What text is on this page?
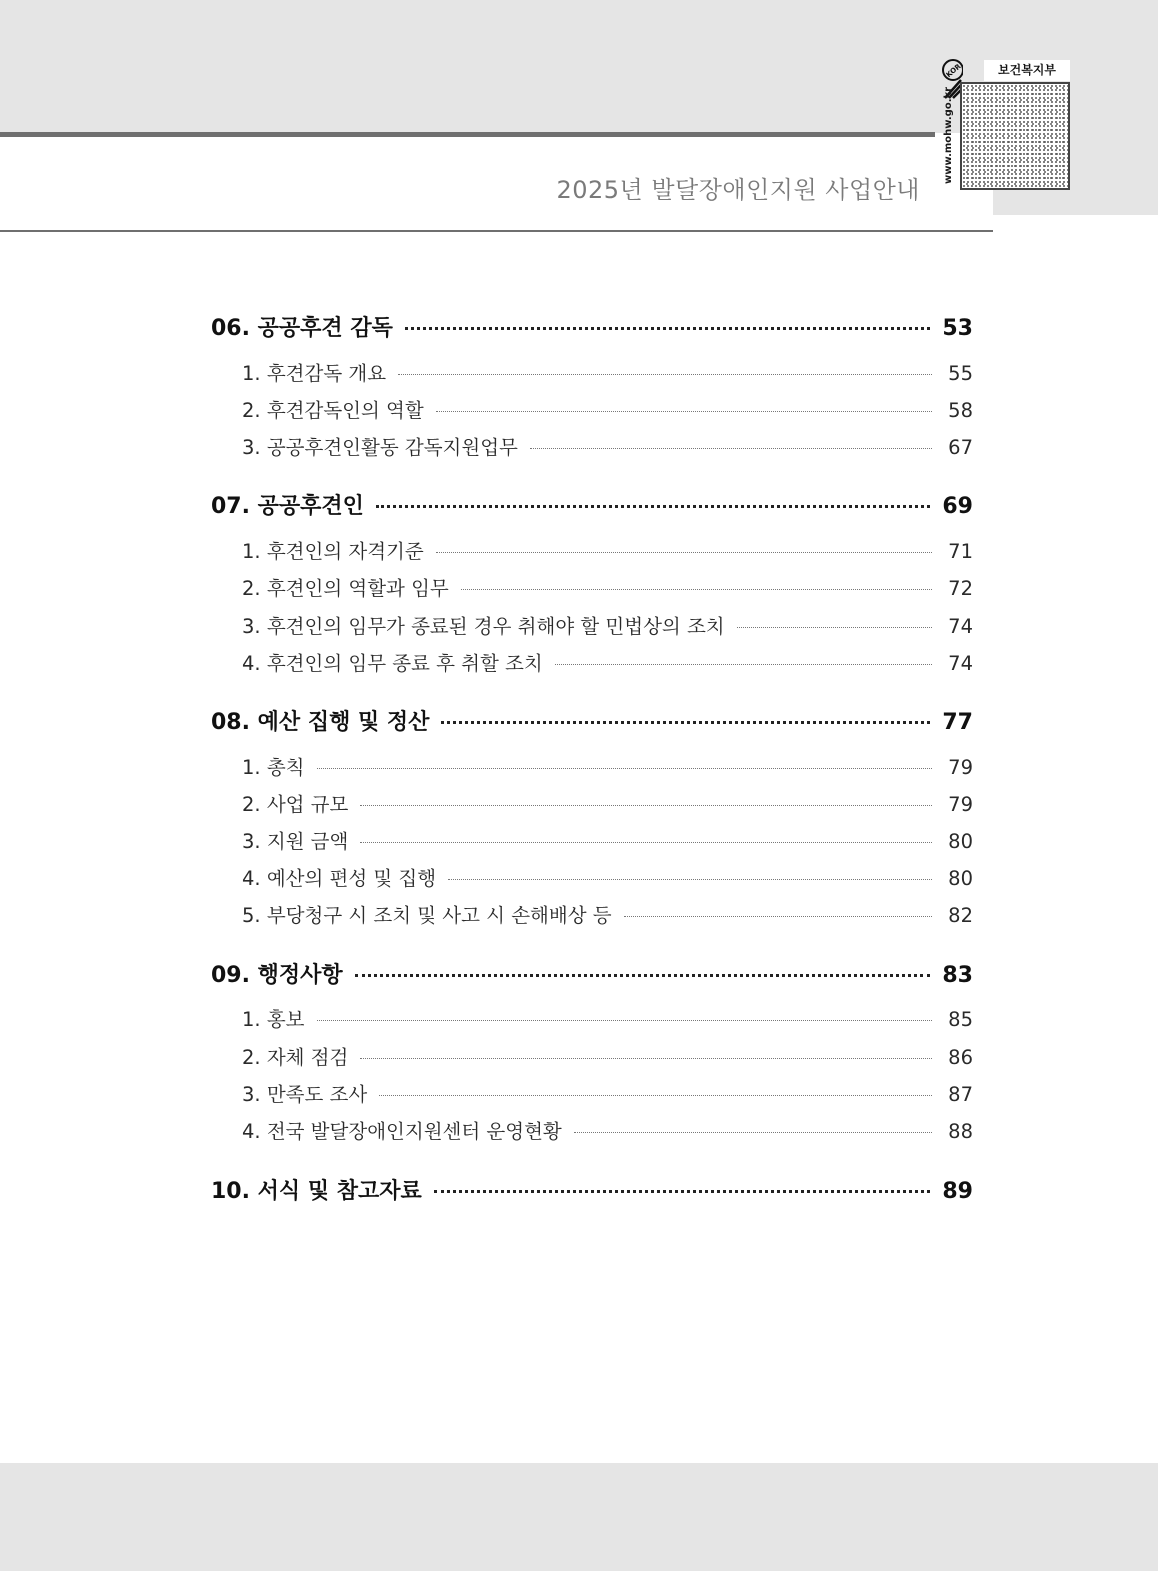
2025년 발달장애인지원 사업안내
KOR
www.mohw.go.kr
보건복지부
06. 공공후견 감독	53
1. 후견감독 개요	55
2. 후견감독인의 역할	58
3. 공공후견인활동 감독지원업무	67
07. 공공후견인	69
1. 후견인의 자격기준	71
2. 후견인의 역할과 임무	72
3. 후견인의 임무가 종료된 경우 취해야 할 민법상의 조치	74
4. 후견인의 임무 종료 후 취할 조치	74
08. 예산 집행 및 정산	77
1. 총칙	79
2. 사업 규모	79
3. 지원 금액	80
4. 예산의 편성 및 집행	80
5. 부당청구 시 조치 및 사고 시 손해배상 등	82
09. 행정사항	83
1. 홍보	85
2. 자체 점검	86
3. 만족도 조사	87
4. 전국 발달장애인지원센터 운영현황	88
10. 서식 및 참고자료	89
